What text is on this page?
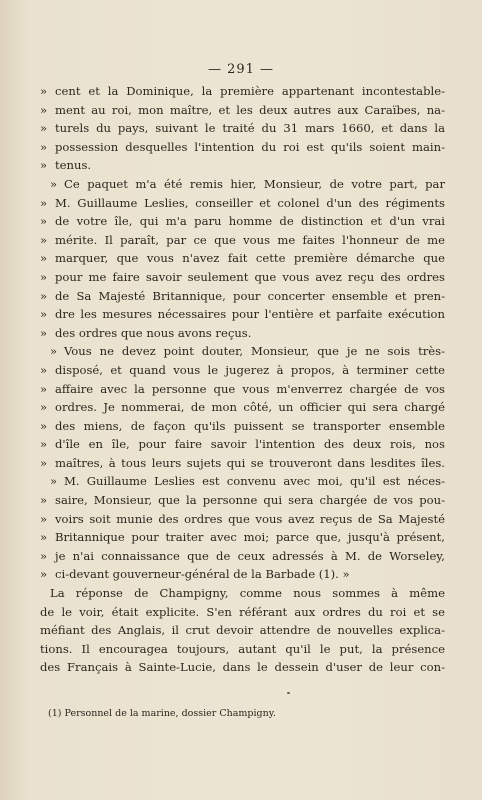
— 291 —
» cent et la Dominique, la première appartenant incontestable-
» ment au roi, mon maître, et les deux autres aux Caraïbes, na-
» turels du pays, suivant le traité du 31 mars 1660, et dans la
» possession desquelles l'intention du roi est qu'ils soient main-
» tenus.
» Ce paquet m'a été remis hier, Monsieur, de votre part, par
» M. Guillaume Leslies, conseiller et colonel d'un des régiments
» de votre île, qui m'a paru homme de distinction et d'un vrai
» mérite. Il paraît, par ce que vous me faites l'honneur de me
» marquer, que vous n'avez fait cette première démarche que
» pour me faire savoir seulement que vous avez reçu des ordres
» de Sa Majesté Britannique, pour concerter ensemble et pren-
» dre les mesures nécessaires pour l'entière et parfaite exécution
» des ordres que nous avons reçus.
» Vous ne devez point douter, Monsieur, que je ne sois très-
» disposé, et quand vous le jugerez à propos, à terminer cette
» affaire avec la personne que vous m'enverrez chargée de vos
» ordres. Je nommerai, de mon côté, un officier qui sera chargé
» des miens, de façon qu'ils puissent se transporter ensemble
» d'île en île, pour faire savoir l'intention des deux rois, nos
» maîtres, à tous leurs sujets qui se trouveront dans lesdites îles.
» M. Guillaume Leslies est convenu avec moi, qu'il est néces-
» saire, Monsieur, que la personne qui sera chargée de vos pou-
» voirs soit munie des ordres que vous avez reçus de Sa Majesté
» Britannique pour traiter avec moi; parce que, jusqu'à présent,
» je n'ai connaissance que de ceux adressés à M. de Worseley,
» ci-devant gouverneur-général de la Barbade (1). »
La réponse de Champigny, comme nous sommes à même
de le voir, était explicite. S'en référant aux ordres du roi et se
méfiant des Anglais, il crut devoir attendre de nouvelles explica-
tions. Il encouragea toujours, autant qu'il le put, la présence
des Français à Sainte-Lucie, dans le dessein d'user de leur con-
(1) Personnel de la marine, dossier Champigny.
